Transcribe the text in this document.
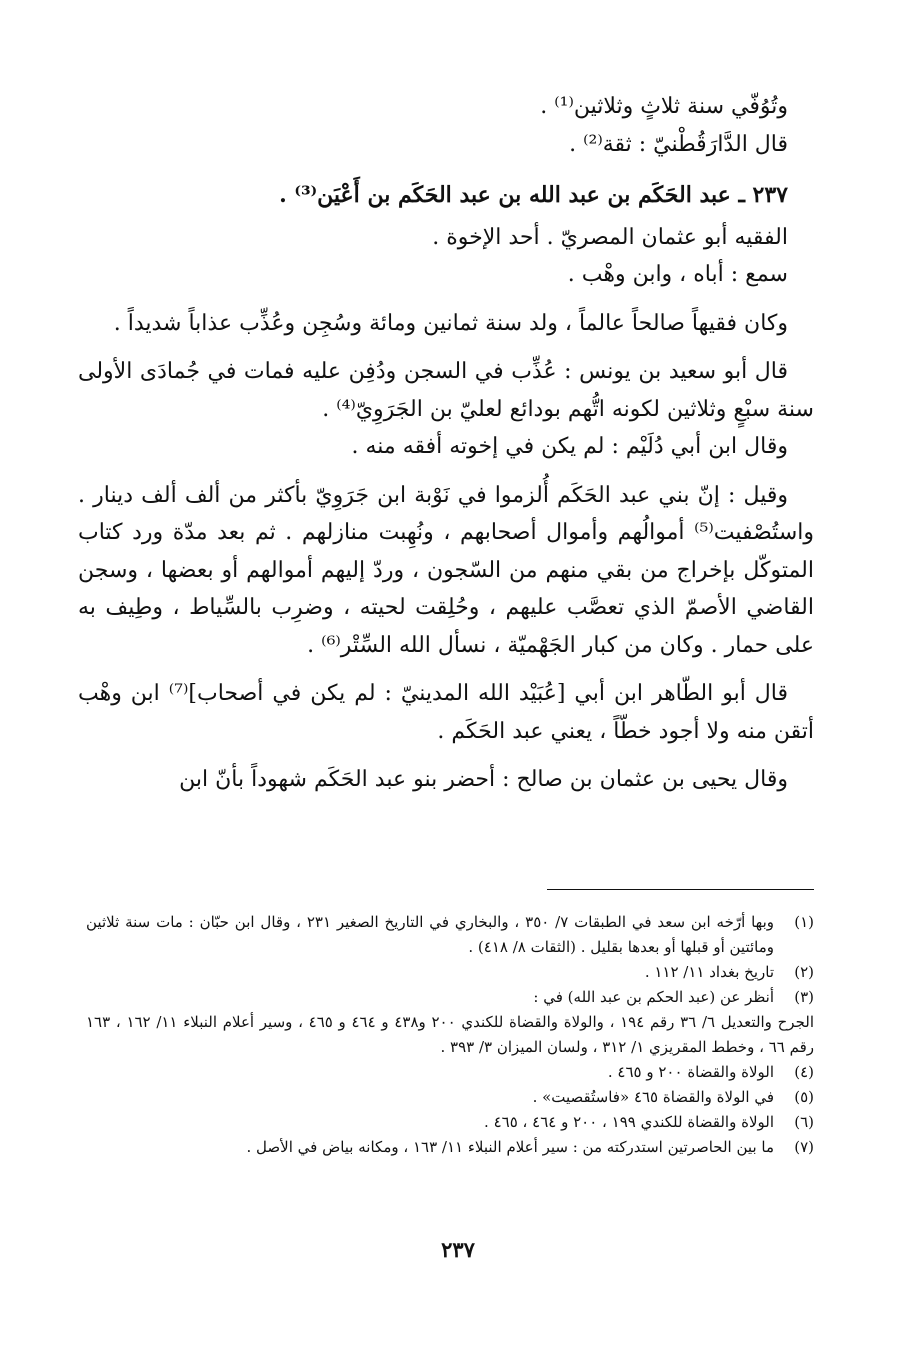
وتُوُفّي سنة ثلاثٍ وثلاثين⁽¹⁾ .

قال الدَّارَقُطْنيّ : ثقة⁽²⁾ .

٢٣٧ ـ عبد الحَكَم بن عبد الله بن عبد الحَكَم بن أَعْيَن⁽³⁾ .

الفقيه أبو عثمان المصريّ . أحد الإخوة .

سمع : أباه ، وابن وهْب .

وكان فقيهاً صالحاً عالماً ، ولد سنة ثمانين ومائة وسُجِن وعُذِّب عذاباً شديداً .

قال أبو سعيد بن يونس : عُذِّب في السجن ودُفِن عليه فمات في جُمادَى الأولى سنة سبْعٍ وثلاثين لكونه اتُّهم بودائع لعليّ بن الجَرَوِيّ⁽⁴⁾ .

وقال ابن أبي دُلَيْم : لم يكن في إخوته أفقه منه .

وقيل : إنّ بني عبد الحَكَم أُلزموا في نَوْبة ابن جَرَوِيّ بأكثر من ألف ألف دينار . واستُصْفيت⁽⁵⁾ أموالُهم وأموال أصحابهم ، ونُهِبت منازلهم . ثم بعد مدّة ورد كتاب المتوكّل بإخراج من بقي منهم من السّجون ، وردّ إليهم أموالهم أو بعضها ، وسجن القاضي الأصمّ الذي تعصَّب عليهم ، وحُلِقت لحيته ، وضرِب بالسِّياط ، وطِيف به على حمار . وكان من كبار الجَهْميّة ، نسأل الله السِّتْر⁽⁶⁾ .

قال أبو الطّاهر ابن أبي [عُبَيْد الله المدينيّ : لم يكن في أصحاب]⁽⁷⁾ ابن وهْب أتقن منه ولا أجود خطّاً ، يعني عبد الحَكَم .

وقال يحيى بن عثمان بن صالح : أحضر بنو عبد الحَكَم شهوداً بأنّ ابن

(١)
وبها أرّخه ابن سعد في الطبقات ٧/ ٣٥٠ ، والبخاري في التاريخ الصغير ٢٣١ ، وقال ابن حبّان : مات سنة ثلاثين ومائتين أو قبلها أو بعدها بقليل . (الثقات ٨/ ٤١٨) .
(٢)
تاريخ بغداد ١١/ ١١٢ .
(٣)
أنظر عن (عبد الحكم بن عبد الله) في :
الجرح والتعديل ٦/ ٣٦ رقم ١٩٤ ، والولاة والقضاة للكندي ٢٠٠ و٤٣٨ و ٤٦٤ و ٤٦٥ ، وسير أعلام النبلاء ١١/ ١٦٢ ، ١٦٣ رقم ٦٦ ، وخطط المقريزي ١/ ٣١٢ ، ولسان الميزان ٣/ ٣٩٣ .
(٤)
الولاة والقضاة ٢٠٠ و ٤٦٥ .
(٥)
في الولاة والقضاة ٤٦٥ «فاستُقصيت» .
(٦)
الولاة والقضاة للكندي ١٩٩ ، ٢٠٠ و ٤٦٤ ، ٤٦٥ .
(٧)
ما بين الحاصرتين استدركته من : سير أعلام النبلاء ١١/ ١٦٣ ، ومكانه بياض في الأصل .
٢٣٧
